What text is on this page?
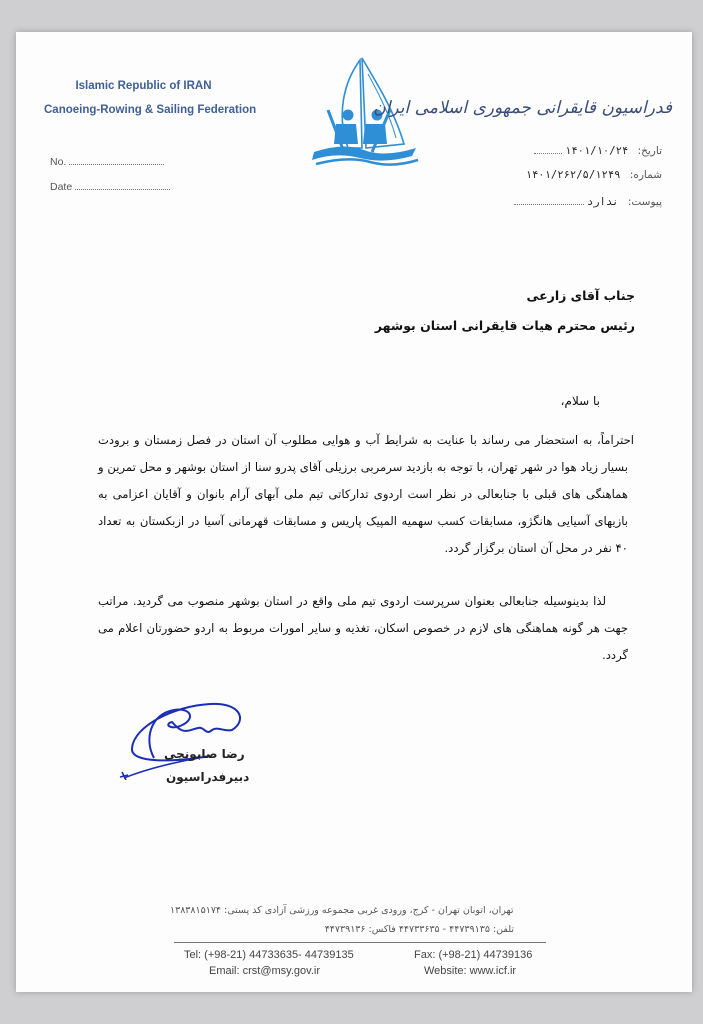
Islamic Republic of IRAN
Canoeing-Rowing & Sailing Federation
No.
Date
فدراسیون قایقرانی جمهوری اسلامی ایران
تاریخ: ۱۴۰۱/۱۰/۲۴
شماره: ۱۴۰۱/۲۶۲/۵/۱۲۴۹
پیوست: ندارد
جناب آقای زارعی
رئیس محترم هیات قایقرانی استان بوشهر
با سلام،
احتراماً، به استحضار می رساند با عنایت به شرایط آب و هوایی مطلوب آن استان در فصل زمستان و برودت بسیار زیاد هوا در شهر تهران، با توجه به بازدید سرمربی برزیلی آقای پدرو سنا از استان بوشهر و محل تمرین و هماهنگی های قبلی با جنابعالی در نظر است اردوی تدارکاتی تیم ملی آبهای آرام بانوان و آقایان اعزامی به بازیهای آسیایی هانگژو، مسابقات کسب سهمیه المپیک پاریس و مسابقات قهرمانی آسیا در ازبکستان به تعداد ۴۰ نفر در محل آن استان برگزار گردد.
لذا بدینوسیله جنابعالی بعنوان سرپرست اردوی تیم ملی واقع در استان بوشهر منصوب می گردید. مراتب جهت هر گونه هماهنگی های لازم در خصوص اسکان، تغذیه و سایر امورات مربوط به اردو حضورتان اعلام می گردد.
رضا صابونچی
دبیرفدراسیون
تهران، اتوبان تهران - کرج، ورودی غربی مجموعه ورزشی آزادی کد پستی: ۱۳۸۳۸۱۵۱۷۴
تلفن: ۴۴۷۳۹۱۳۵ - ۴۴۷۳۳۶۳۵ فاکس: ۴۴۷۳۹۱۳۶
Tel: (+98-21) 44733635- 44739135	Fax: (+98-21) 44739136
Email: crst@msy.gov.ir	Website: www.icf.ir
